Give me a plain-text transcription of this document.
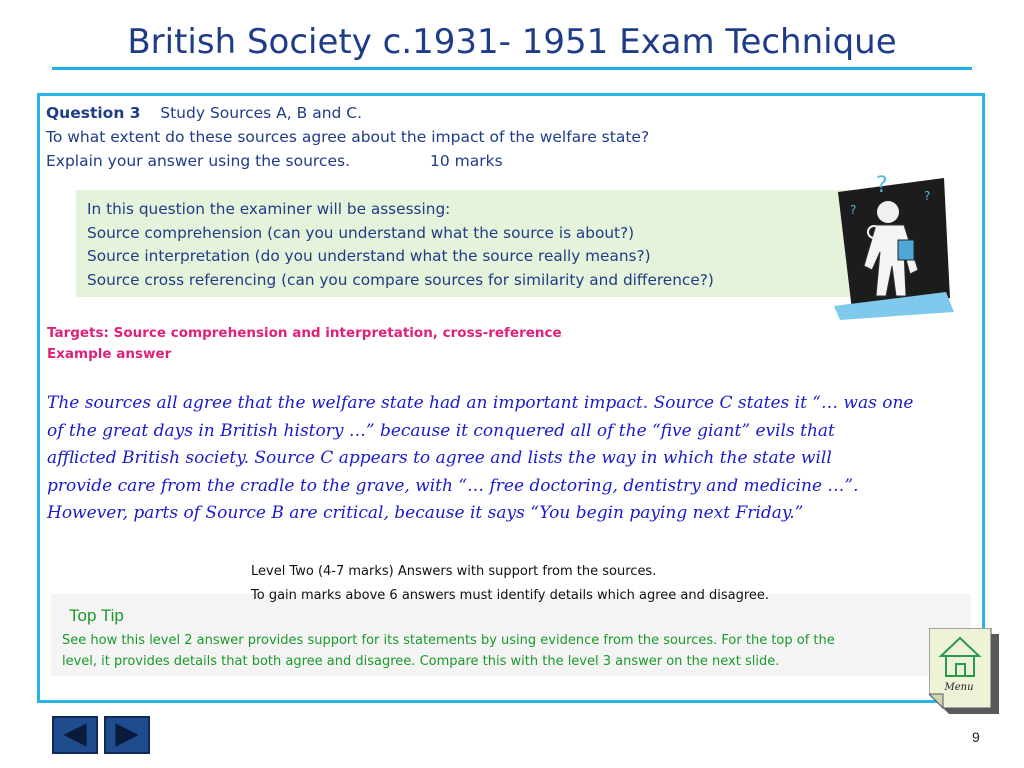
British Society c.1931- 1951 Exam Technique
Question 3 Study Sources A, B and C.
To what extent do these sources agree about the impact of the welfare state?
Explain your answer using the sources.	10 marks
In this question the examiner will be assessing:
Source comprehension (can you understand what the source is about?)
Source interpretation (do you understand what the source really means?)
Source cross referencing (can you compare sources for similarity and difference?)
?
?
?
Targets: Source comprehension and interpretation, cross-reference
Example answer

The sources all agree that the welfare state had an important impact. Source C states it “… was one

of the great days in British history …” because it conquered all of the “five giant” evils that

afflicted British society. Source C appears to agree and lists the way in which the state will

provide care from the cradle to the grave, with “… free doctoring, dentistry and medicine …”.

However, parts of Source B are critical, because it says “You begin paying next Friday.”

Top Tip
See how this level 2 answer provides support for its statements by using evidence from the sources. For the top of the
level, it provides details that both agree and disagree. Compare this with the level 3 answer on the next slide.
Level Two (4-7 marks) Answers with support from the sources.
To gain marks above 6 answers must identify details which agree and disagree.
Menu
9
